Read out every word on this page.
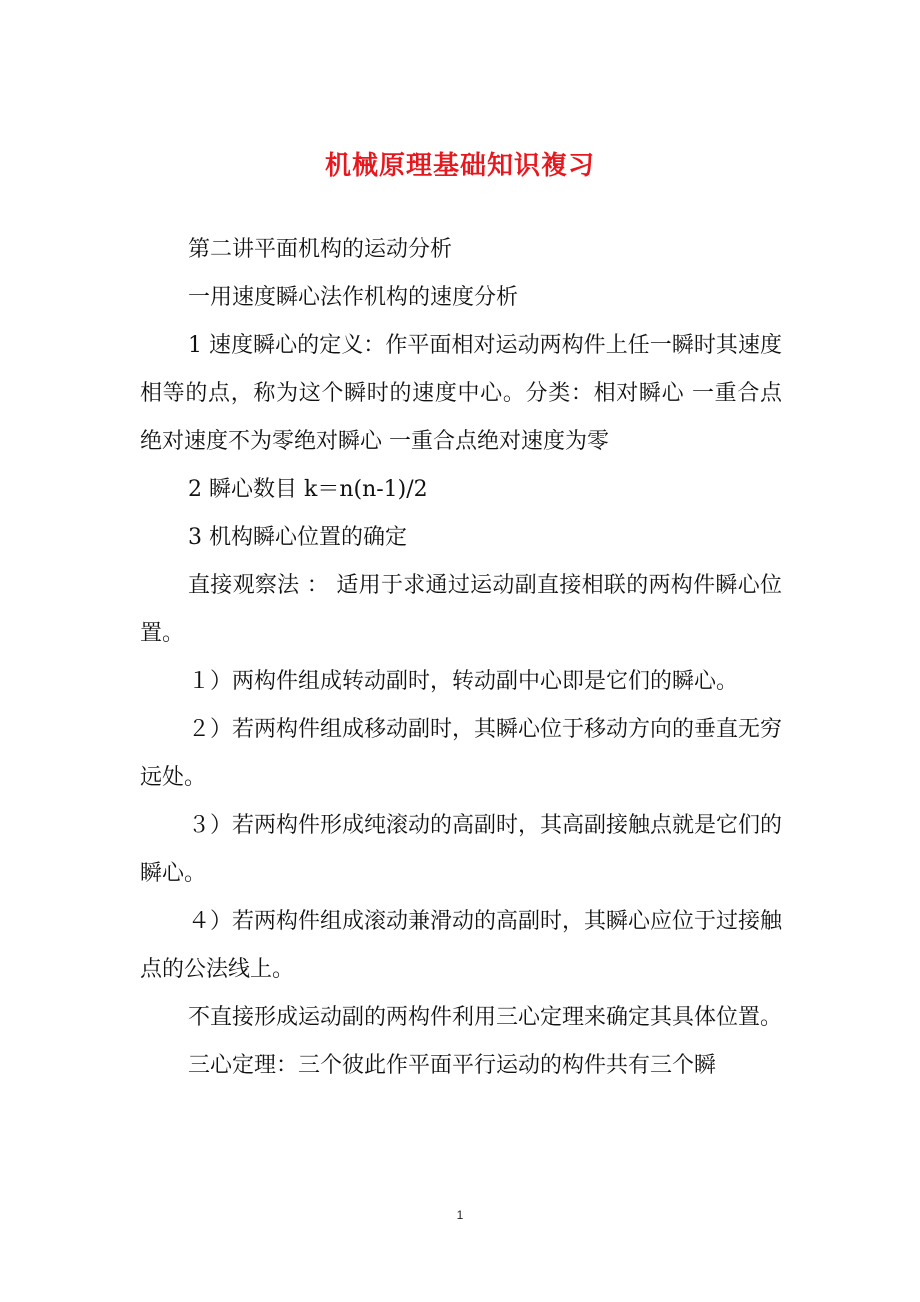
机械原理基础知识複习

第二讲平面机构的运动分析

一用速度瞬心法作机构的速度分析

1 速度瞬心的定义：作平面相对运动两构件上任一瞬时其速度相等的点，称为这个瞬时的速度中心。分类：相对瞬心 一重合点绝对速度不为零绝对瞬心 一重合点绝对速度为零

2 瞬心数目 k＝n(n-1)/2

3 机构瞬心位置的确定

直接观察法 ： 适用于求通过运动副直接相联的两构件瞬心位置。

１）两构件组成转动副时，转动副中心即是它们的瞬心。

２）若两构件组成移动副时，其瞬心位于移动方向的垂直无穷远处。

３）若两构件形成纯滚动的高副时，其高副接触点就是它们的瞬心。

４）若两构件组成滚动兼滑动的高副时，其瞬心应位于过接触点的公法线上。

不直接形成运动副的两构件利用三心定理来确定其具体位置。

三心定理：三个彼此作平面平行运动的构件共有三个瞬

1
